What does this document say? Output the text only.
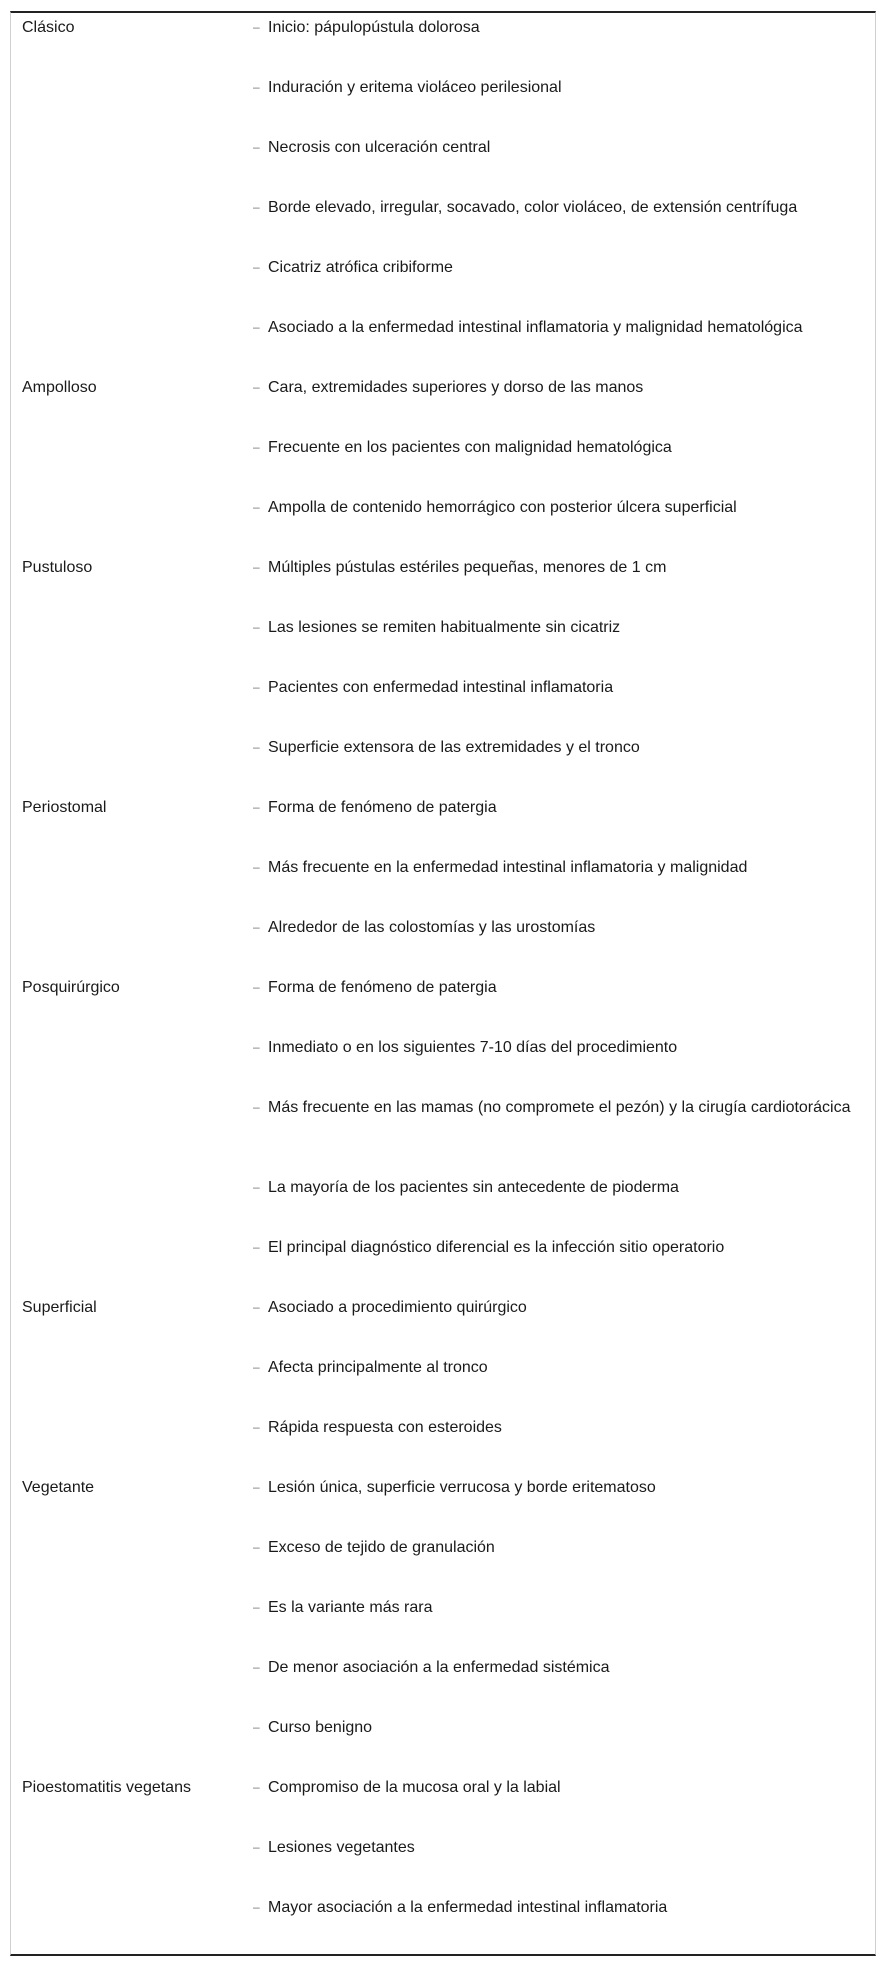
Clásico	– Inicio: pápulopústula dolorosa
– Induración y eritema violáceo perilesional
– Necrosis con ulceración central
– Borde elevado, irregular, socavado, color violáceo, de extensión centrífuga
– Cicatriz atrófica cribiforme
– Asociado a la enfermedad intestinal inflamatoria y malignidad hematológica
Ampolloso	– Cara, extremidades superiores y dorso de las manos
– Frecuente en los pacientes con malignidad hematológica
– Ampolla de contenido hemorrágico con posterior úlcera superficial
Pustuloso	– Múltiples pústulas estériles pequeñas, menores de 1 cm
– Las lesiones se remiten habitualmente sin cicatriz
– Pacientes con enfermedad intestinal inflamatoria
– Superficie extensora de las extremidades y el tronco
Periostomal	– Forma de fenómeno de patergia
– Más frecuente en la enfermedad intestinal inflamatoria y malignidad
– Alrededor de las colostomías y las urostomías
Posquirúrgico	– Forma de fenómeno de patergia
– Inmediato o en los siguientes 7-10 días del procedimiento
– Más frecuente en las mamas (no compromete el pezón) y la cirugía cardiotorácica
– La mayoría de los pacientes sin antecedente de pioderma
– El principal diagnóstico diferencial es la infección sitio operatorio
Superficial	– Asociado a procedimiento quirúrgico
– Afecta principalmente al tronco
– Rápida respuesta con esteroides
Vegetante	– Lesión única, superficie verrucosa y borde eritematoso
– Exceso de tejido de granulación
– Es la variante más rara
– De menor asociación a la enfermedad sistémica
– Curso benigno
Pioestomatitis vegetans	– Compromiso de la mucosa oral y la labial
– Lesiones vegetantes
– Mayor asociación a la enfermedad intestinal inflamatoria
